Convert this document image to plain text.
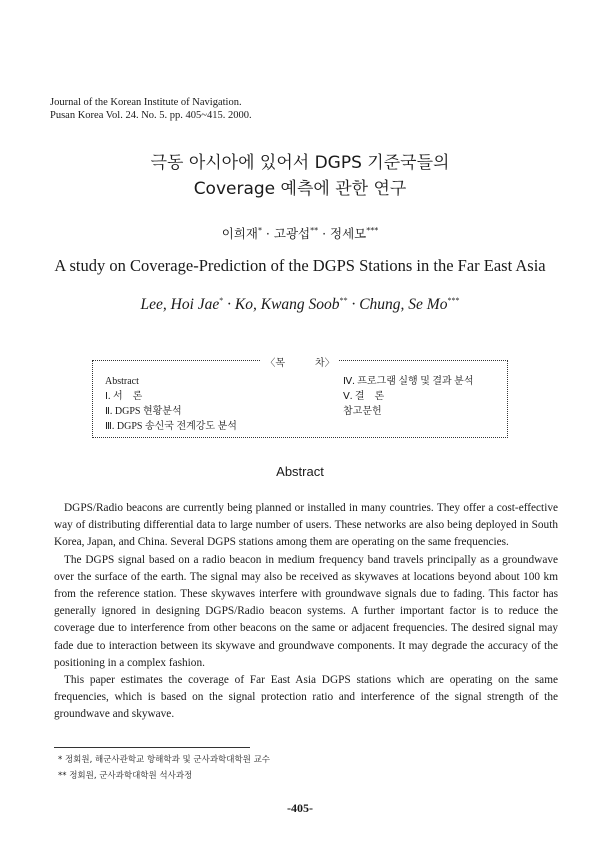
Journal of the Korean Institute of Navigation.
Pusan Korea Vol. 24. No. 5. pp. 405~415. 2000.
극동 아시아에 있어서 DGPS 기준국들의
Coverage 예측에 관한 연구
이희재* · 고광섭** · 정세모***
A study on Coverage-Prediction of the DGPS Stations in the Far East Asia
Lee, Hoi Jae* · Ko, Kwang Soob** · Chung, Se Mo***
〈목　　　차〉
Abstract
Ⅰ. 서　론
Ⅱ. DGPS 현황분석
Ⅲ. DGPS 송신국 전계강도 분석
Ⅳ. 프로그램 실행 및 결과 분석
Ⅴ. 결　론
참고문헌
Abstract

DGPS/Radio beacons are currently being planned or installed in many countries. They offer a cost-effective way of distributing differential data to large number of users. These networks are also being deployed in South Korea, Japan, and China. Several DGPS stations among them are operating on the same frequencies.

The DGPS signal based on a radio beacon in medium frequency band travels principally as a groundwave over the surface of the earth. The signal may also be received as skywaves at locations beyond about 100 km from the reference station. These skywaves interfere with groundwave signals due to fading. This factor has generally ignored in designing DGPS/Radio beacon systems. A further important factor is to reduce the coverage due to interference from other beacons on the same or adjacent frequencies. The desired signal may fade due to interaction between its skywave and groundwave components. It may degrade the accuracy of the positioning in a complex fashion.

This paper estimates the coverage of Far East Asia DGPS stations which are operating on the same frequencies, which is based on the signal protection ratio and interference of the signal strength of the groundwave and skywave.

* 정회원, 해군사관학교 항해학과 및 군사과학대학원 교수
** 정회원, 군사과학대학원 석사과정
-405-
